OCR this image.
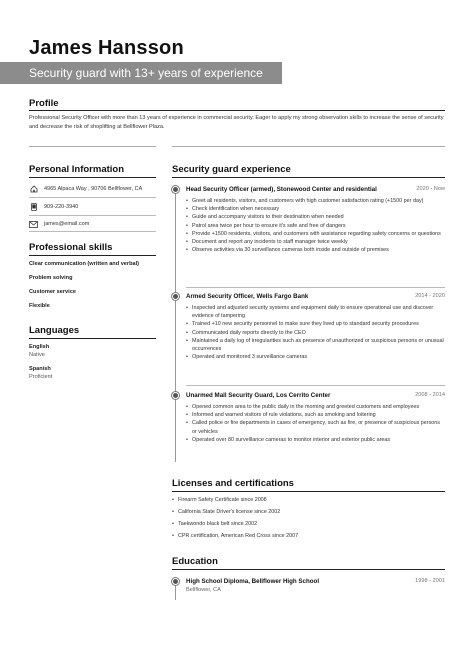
James Hansson
Security guard with 13+ years of experience
Profile
Professional Security Officer with more than 13 years of experience in commercial security. Eager to apply my strong observation skills to increase the sense of security and decrease the risk of shoplifting at Bellflower Plaza.
Personal Information
4965 Alpaca Way , 90706 Bellflower, CA
909-220-3940
james@email.com
Professional skills
Clear communication (written and verbal)
Problem solving
Customer service
Flexible
Languages
English
Native
Spanish
Proficient
Security guard experience
Head Security Officer (armed), Stonewood Center and residential	2020 - Now
• Greet all residents, visitors, and customers with high customer satisfaction rating (+1500 per day)
• Check identification when necessary
• Guide and accompany visitors to their destination when needed
• Patrol area twice per hour to ensure it's safe and free of dangers
• Provide +1500 residents, visitors, and customers with assistance regarding safety concerns or questions
• Document and report any incidents to staff manager twice weekly
• Observe activities via 30 surveillance cameras both inside and outside of premises
Armed Security Officer, Wells Fargo Bank	2014 - 2020
• Inspected and adjusted security systems and equipment daily to ensure operational use and discover evidence of tampering
• Trained +10 new security personnel to make sure they lived up to standard security procedures
• Communicated daily reports directly to the CEO
• Maintained a daily log of irregularities such as presence of unauthorized or suspicious persons or unusual occurrences
• Operated and monitored 3 surveillance cameras
Unarmed Mall Security Guard, Los Cerrito Center	2008 - 2014
• Opened common area to the public daily in the morning and greeted customers and employees
• Informed and warned visitors of rule violations, such as smoking and loitering
• Called police or fire departments in cases of emergency, such as fire, or presence of suspicious persons or vehicles
• Operated over 80 surveillance cameras to monitor interior and exterior public areas
Licenses and certifications
• Firearm Safety Certificate since 2008
• California State Driver's license since 2002
• Taekwondo black belt since 2002
• CPR certification, American Red Cross since 2007
Education
High School Diploma, Bellflower High School	1998 - 2001
Bellflower, CA
